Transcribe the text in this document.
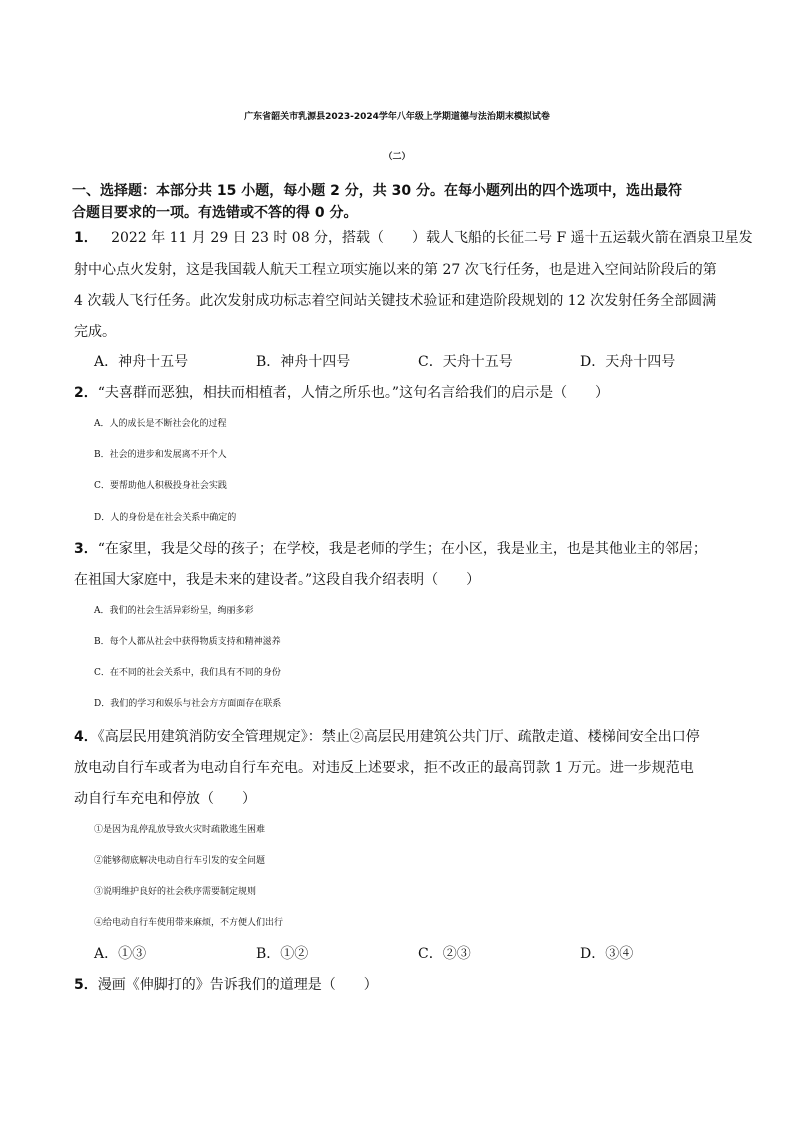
广东省韶关市乳源县2023-2024学年八年级上学期道德与法治期末模拟试卷
（二）
一、选择题：本部分共 15 小题，每小题 2 分，共 30 分。在每小题列出的四个选项中，选出最符
合题目要求的一项。有选错或不答的得 0 分。
1． 2022 年 11 月 29 日 23 时 08 分，搭载（　　）载人飞船的长征二号 F 遥十五运载火箭在酒泉卫星发
射中心点火发射，这是我国载人航天工程立项实施以来的第 27 次飞行任务，也是进入空间站阶段后的第
4 次载人飞行任务。此次发射成功标志着空间站关键技术验证和建造阶段规划的 12 次发射任务全部圆满
完成。
A．神舟十五号	B．神舟十四号	C．天舟十五号	D．天舟十四号
2．“夫喜群而恶独，相扶而相植者，人情之所乐也。”这句名言给我们的启示是（　　）
A．人的成长是不断社会化的过程
B．社会的进步和发展离不开个人
C．要帮助他人积极投身社会实践
D．人的身份是在社会关系中确定的
3．“在家里，我是父母的孩子；在学校，我是老师的学生；在小区，我是业主，也是其他业主的邻居；
在祖国大家庭中，我是未来的建设者。”这段自我介绍表明（　　）
A．我们的社会生活异彩纷呈，绚丽多彩
B．每个人都从社会中获得物质支持和精神滋养
C．在不同的社会关系中，我们具有不同的身份
D．我们的学习和娱乐与社会方方面面存在联系
4．《高层民用建筑消防安全管理规定》：禁止②高层民用建筑公共门厅、疏散走道、楼梯间安全出口停
放电动自行车或者为电动自行车充电。对违反上述要求，拒不改正的最高罚款 1 万元。进一步规范电
动自行车充电和停放（　　）
①是因为乱停乱放导致火灾时疏散逃生困难
②能够彻底解决电动自行车引发的安全问题
③说明维护良好的社会秩序需要制定规则
④给电动自行车使用带来麻烦，不方便人们出行
A．①③	B．①②	C．②③	D．③④
5．漫画《伸脚打的》告诉我们的道理是（　　）
